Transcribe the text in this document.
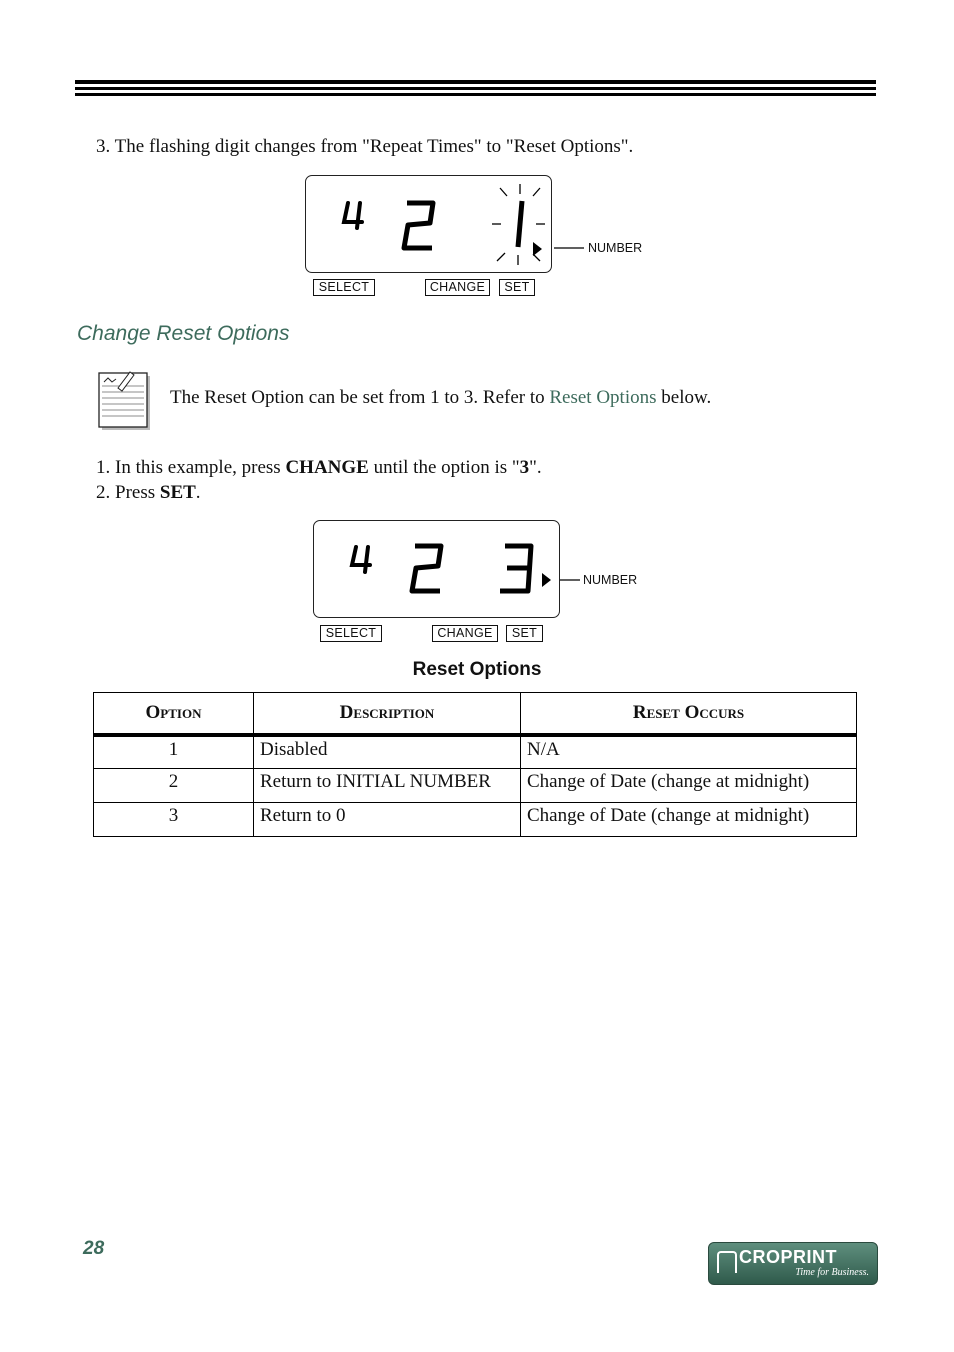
3. The flashing digit changes from "Repeat Times" to "Reset Options".
NUMBER
SELECT	CHANGE	SET
Change Reset Options
The Reset Option can be set from 1 to 3. Refer to Reset Options below.
1. In this example, press CHANGE until the option is "3".
2. Press SET.
NUMBER
SELECT	CHANGE	SET
Reset Options
Option	Description	Reset Occurs
1	Disabled	N/A
2	Return to INITIAL NUMBER	Change of Date (change at midnight)
3	Return to 0	Change of Date (change at midnight)
28	CROPRINT
Time for Business.
